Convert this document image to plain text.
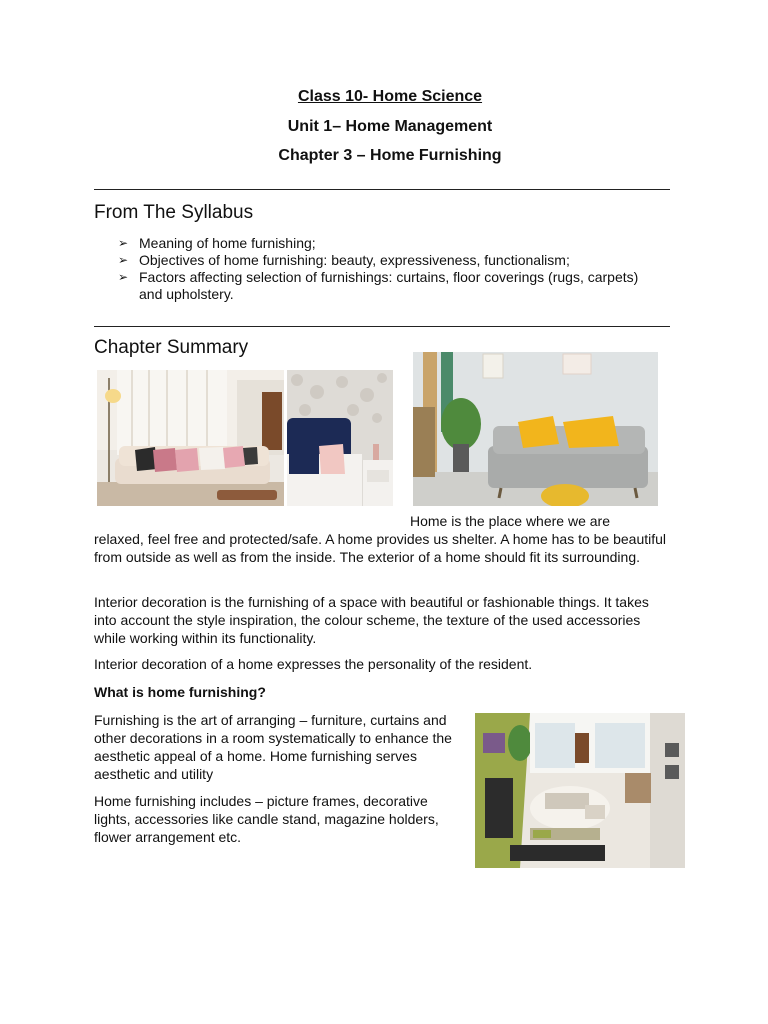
Class 10- Home Science
Unit 1– Home Management
Chapter 3 – Home Furnishing
From The Syllabus
➢ Meaning of home furnishing;
➢ Objectives of home furnishing: beauty, expressiveness, functionalism;
➢ Factors affecting selection of furnishings: curtains, floor coverings (rugs, carpets) and upholstery.
Chapter Summary

Home is the place where we are

relaxed, feel free and protected/safe. A home provides us shelter. A home has to be beautiful from outside as well as from the inside. The exterior of a home should fit its surrounding.

Interior decoration is the furnishing of a space with beautiful or fashionable things. It takes into account the style inspiration, the colour scheme, the texture of the used accessories while working within its functionality.

Interior decoration of a home expresses the personality of the resident.

What is home furnishing?

Furnishing is the art of arranging – furniture, curtains and other decorations in a room systematically to enhance the aesthetic appeal of a home. Home furnishing serves aesthetic and utility

Home furnishing includes – picture frames, decorative lights, accessories like candle stand, magazine holders, flower arrangement etc.
